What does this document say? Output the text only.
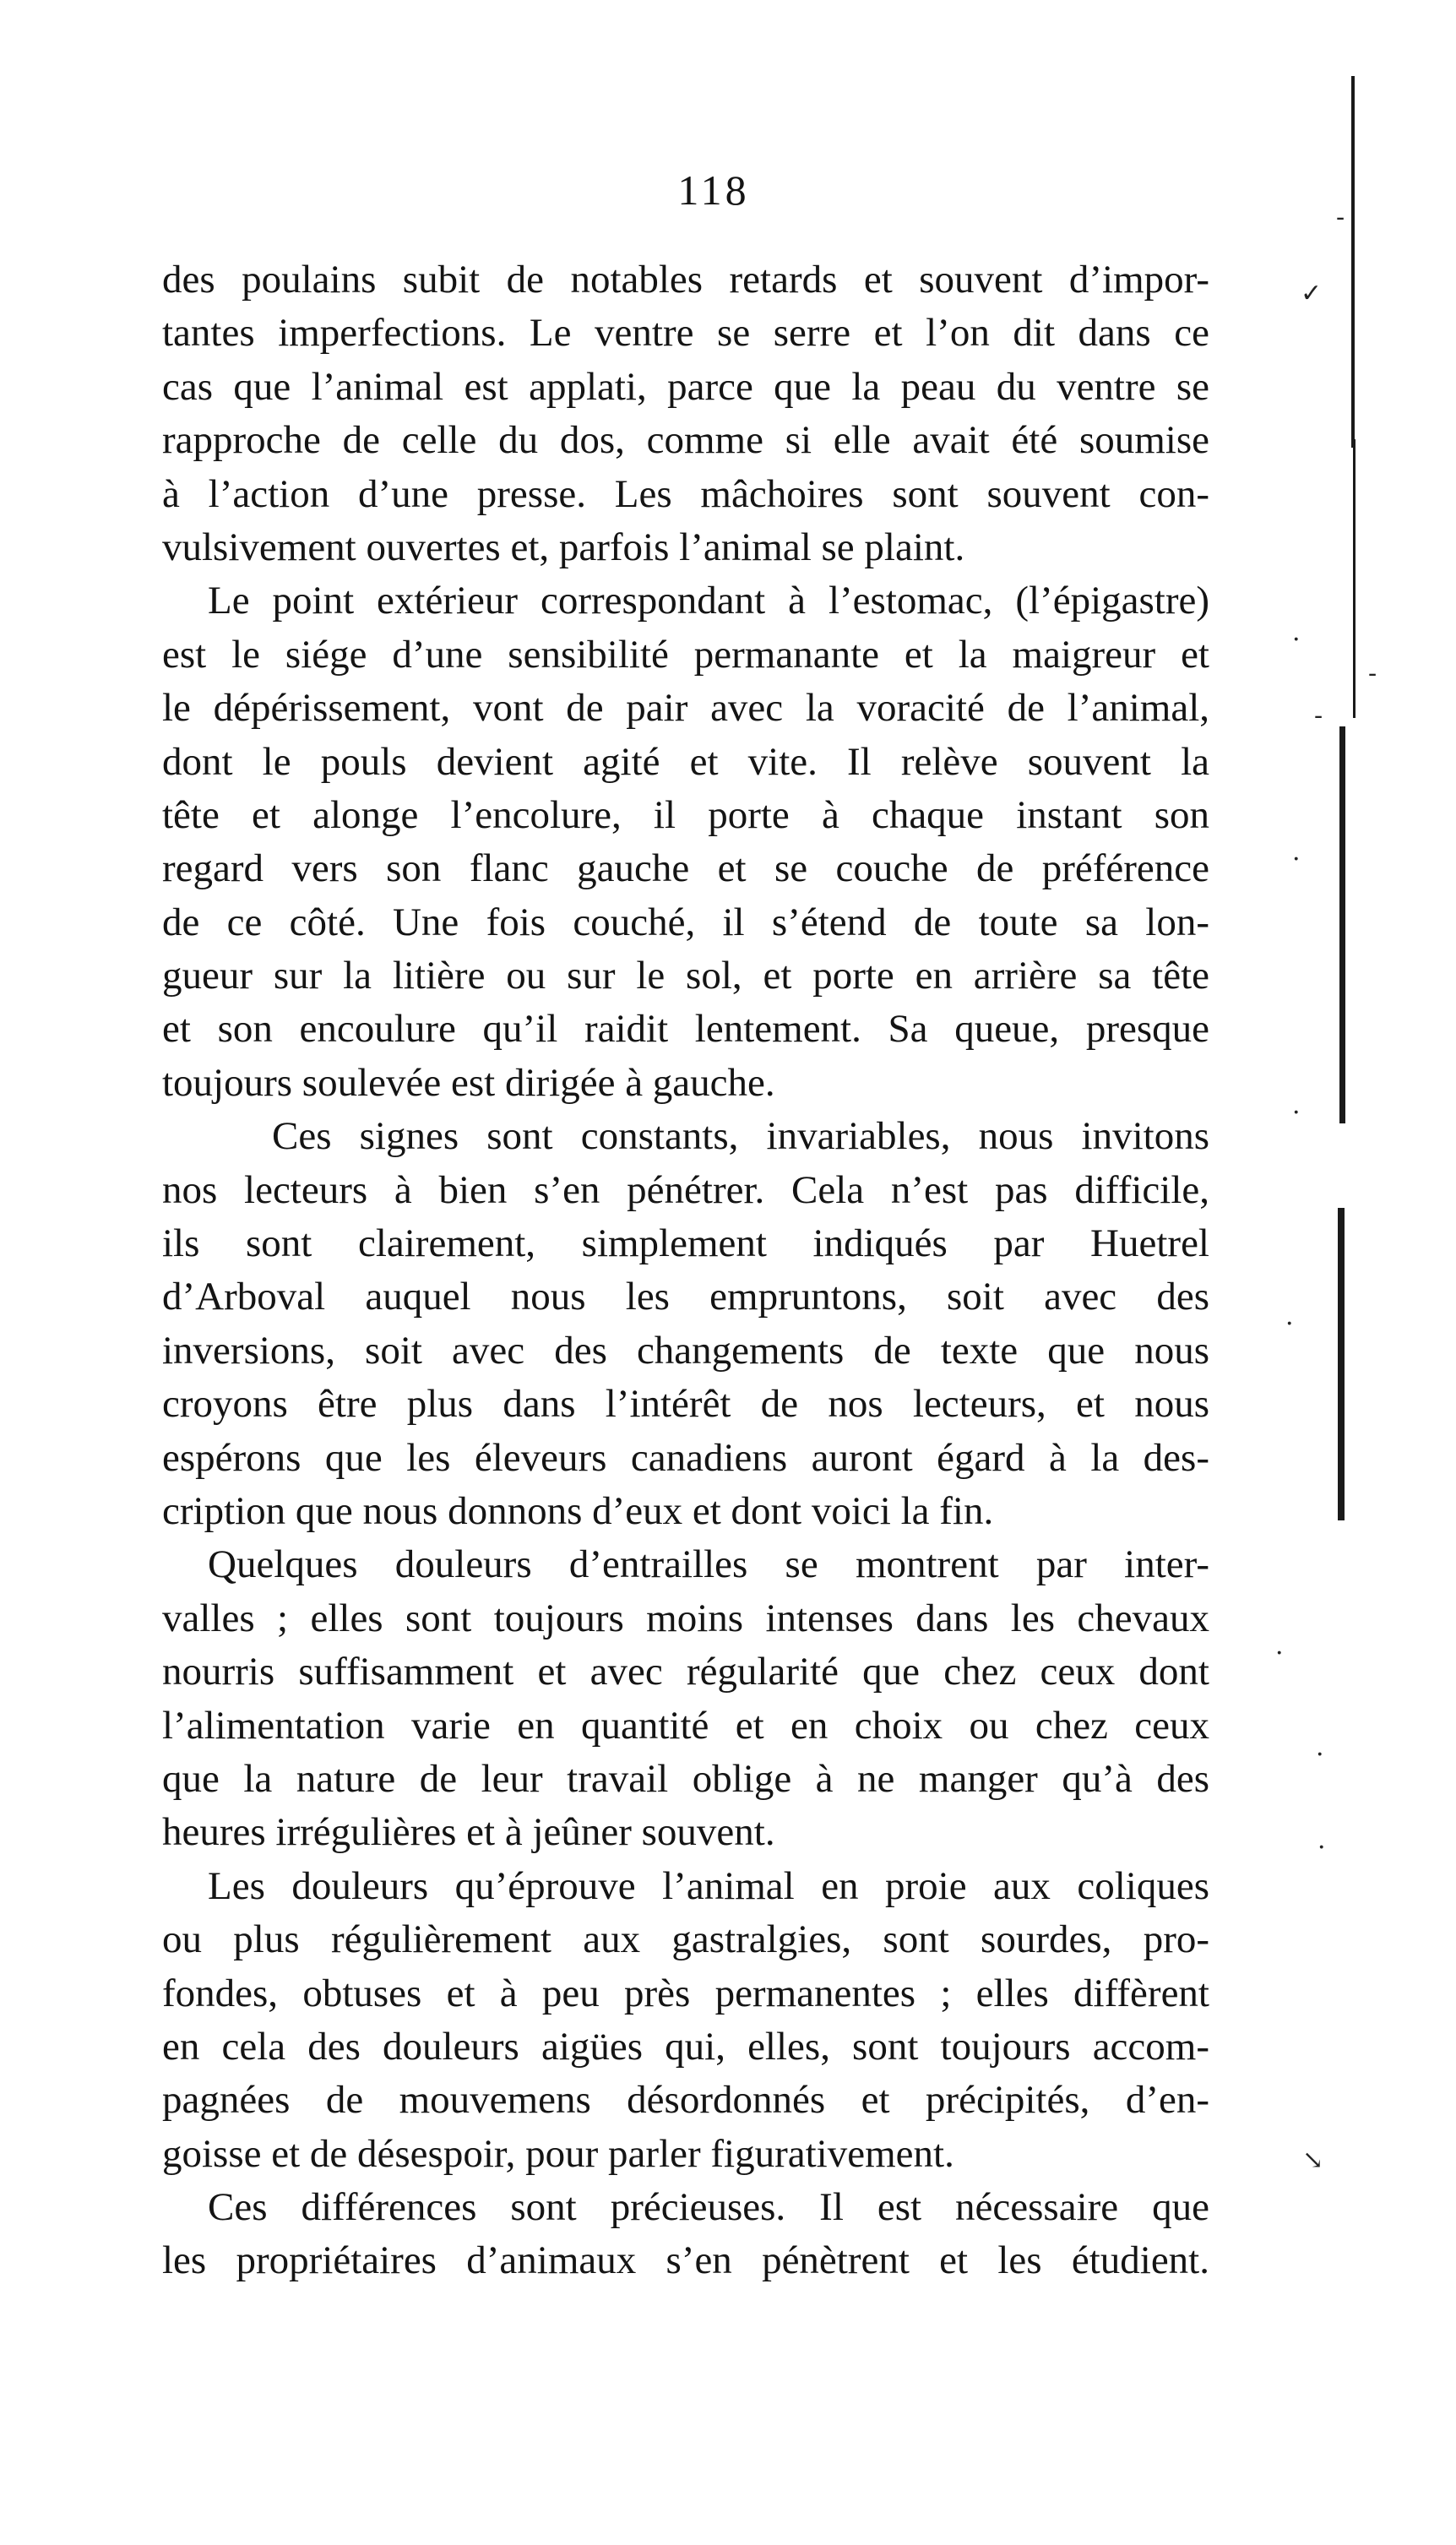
118
des poulains subit de notables retards et souvent d’impor-
tantes imperfections. Le ventre se serre et l’on dit dans ce
cas que l’animal est applati, parce que la peau du ventre se
rapproche de celle du dos, comme si elle avait été soumise
à l’action d’une presse. Les mâchoires sont souvent con-
vulsivement ouvertes et, parfois l’animal se plaint.
Le point extérieur correspondant à l’estomac, (l’épigastre)
est le siége d’une sensibilité permanante et la maigreur et
le dépérissement, vont de pair avec la voracité de l’animal,
dont le pouls devient agité et vite. Il relève souvent la
tête et alonge l’encolure, il porte à chaque instant son
regard vers son flanc gauche et se couche de préférence
de ce côté. Une fois couché, il s’étend de toute sa lon-
gueur sur la litière ou sur le sol, et porte en arrière sa tête
et son encoulure qu’il raidit lentement. Sa queue, presque
toujours soulevée est dirigée à gauche.
Ces signes sont constants, invariables, nous invitons
nos lecteurs à bien s’en pénétrer. Cela n’est pas difficile,
ils sont clairement, simplement indiqués par Huetrel
d’Arboval auquel nous les empruntons, soit avec des
inversions, soit avec des changements de texte que nous
croyons être plus dans l’intérêt de nos lecteurs, et nous
espérons que les éleveurs canadiens auront égard à la des-
cription que nous donnons d’eux et dont voici la fin.
Quelques douleurs d’entrailles se montrent par inter-
valles ; elles sont toujours moins intenses dans les chevaux
nourris suffisamment et avec régularité que chez ceux dont
l’alimentation varie en quantité et en choix ou chez ceux
que la nature de leur travail oblige à ne manger qu’à des
heures irrégulières et à jeûner souvent.
Les douleurs qu’éprouve l’animal en proie aux coliques
ou plus régulièrement aux gastralgies, sont sourdes, pro-
fondes, obtuses et à peu près permanentes ; elles diffèrent
en cela des douleurs aigües qui, elles, sont toujours accom-
pagnées de mouvemens désordonnés et précipités, d’en-
goisse et de désespoir, pour parler figurativement.
Ces différences sont précieuses. Il est nécessaire que
les propriétaires d’animaux s’en pénètrent et les étudient.
-
✓
·
-
-
·
·
·
·
·
·
↘
